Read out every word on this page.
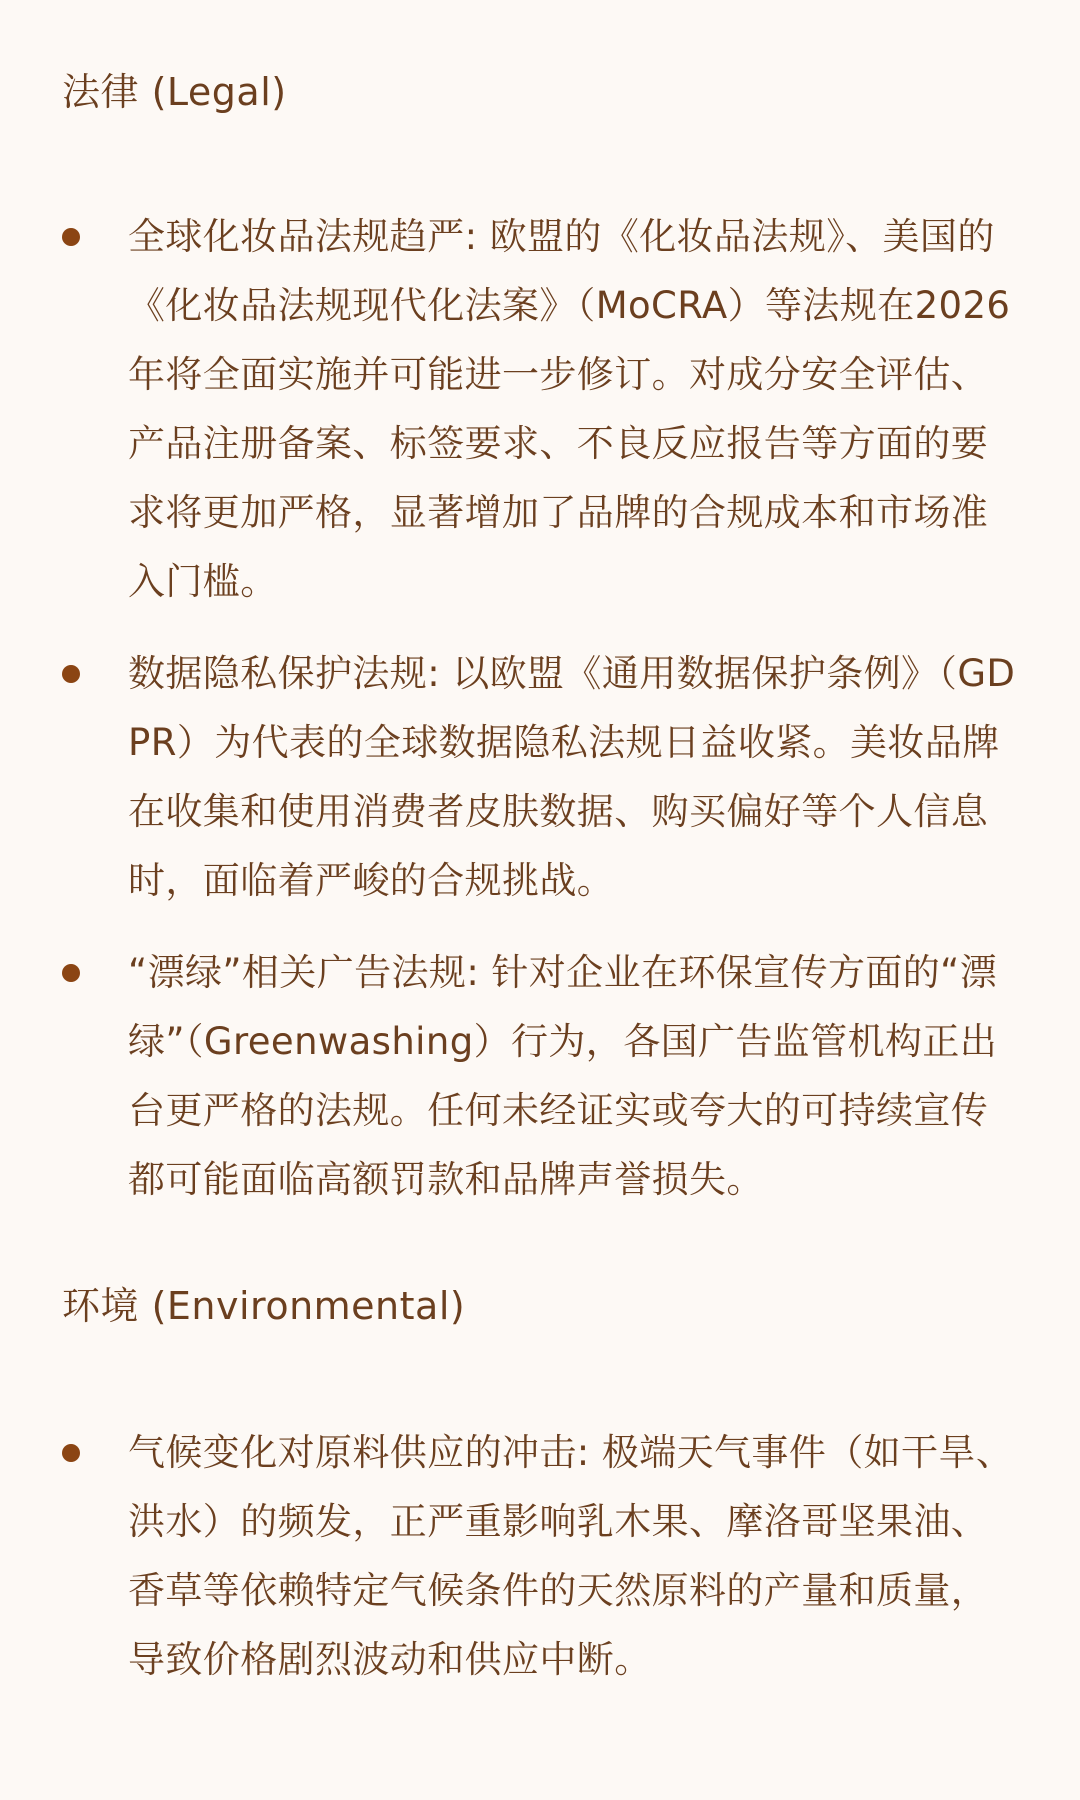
法律 (Legal)
全球化妆品法规趋严: 欧盟的《化妆品法规》、美国的《化妆品法规现代化法案》（MoCRA）等法规在2026年将全面实施并可能进一步修订。对成分安全评估、产品注册备案、标签要求、不良反应报告等方面的要求将更加严格，显著增加了品牌的合规成本和市场准入门槛。
数据隐私保护法规: 以欧盟《通用数据保护条例》（GDPR）为代表的全球数据隐私法规日益收紧。美妆品牌在收集和使用消费者皮肤数据、购买偏好等个人信息时，面临着严峻的合规挑战。
“漂绿”相关广告法规: 针对企业在环保宣传方面的“漂绿”（Greenwashing）行为，各国广告监管机构正出台更严格的法规。任何未经证实或夸大的可持续宣传都可能面临高额罚款和品牌声誉损失。
环境 (Environmental)
气候变化对原料供应的冲击: 极端天气事件（如干旱、洪水）的频发，正严重影响乳木果、摩洛哥坚果油、香草等依赖特定气候条件的天然原料的产量和质量，导致价格剧烈波动和供应中断。
